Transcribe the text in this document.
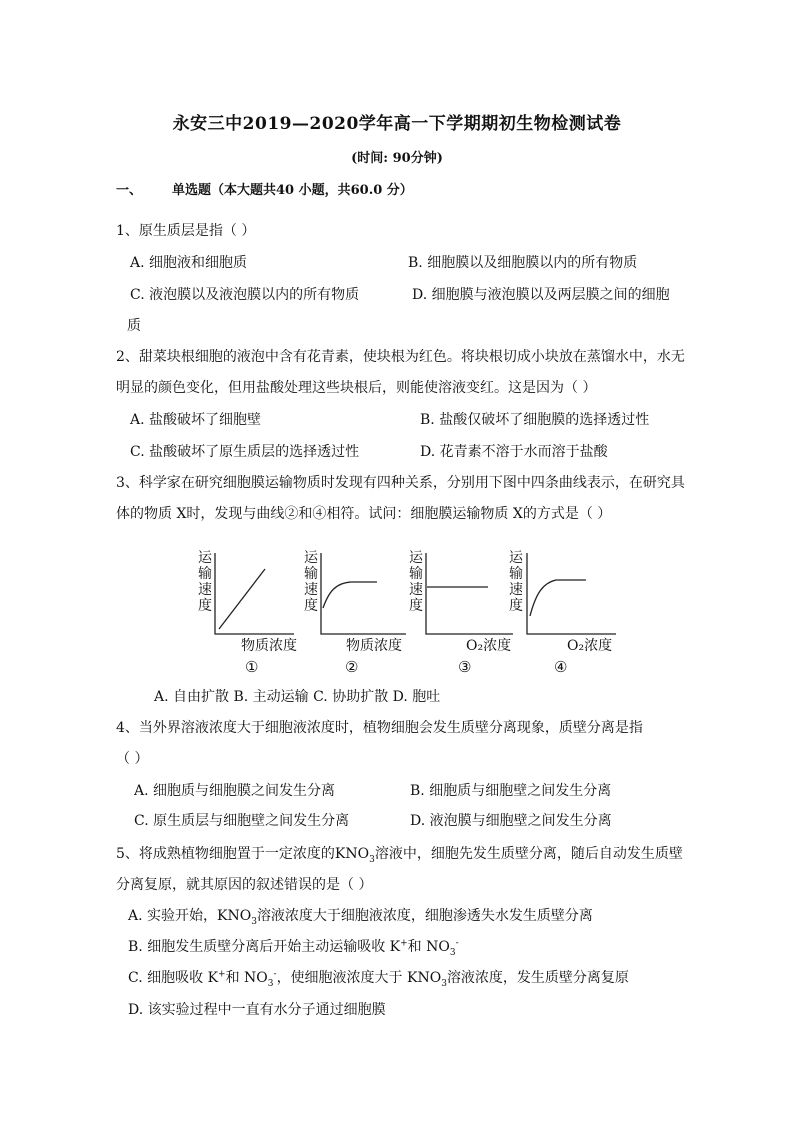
永安三中2019—2020学年高一下学期期初生物检测试卷
(时间: 90分钟)
一、 单选题（本大题共40 小题，共60.0 分）
1、原生质层是指（ ）
A. 细胞液和细胞质	B. 细胞膜以及细胞膜以内的所有物质
C. 液泡膜以及液泡膜以内的所有物质	D. 细胞膜与液泡膜以及两层膜之间的细胞
质
2、甜菜块根细胞的液泡中含有花青素，使块根为红色。将块根切成小块放在蒸馏水中，水无
明显的颜色变化，但用盐酸处理这些块根后，则能使溶液变红。这是因为（ ）
A. 盐酸破坏了细胞壁	B. 盐酸仅破坏了细胞膜的选择透过性
C. 盐酸破坏了原生质层的选择透过性	D. 花青素不溶于水而溶于盐酸
3、科学家在研究细胞膜运输物质时发现有四种关系，分别用下图中四条曲线表示，在研究具
体的物质 X时，发现与曲线②和④相符。试问：细胞膜运输物质 X的方式是（ ）
运
输
速
度
物质浓度
①
运
输
速
度
物质浓度
②
运
输
速
度
O₂浓度
③
运
输
速
度
O₂浓度
④
A. 自由扩散 B. 主动运输 C. 协助扩散 D. 胞吐
4、当外界溶液浓度大于细胞液浓度时，植物细胞会发生质壁分离现象，质壁分离是指
（ ）
A. 细胞质与细胞膜之间发生分离	B. 细胞质与细胞壁之间发生分离
C. 原生质层与细胞壁之间发生分离	D. 液泡膜与细胞壁之间发生分离
5、将成熟植物细胞置于一定浓度的$KNO_3$溶液中，细胞先发生质壁分离，随后自动发生质壁
分离复原，就其原因的叙述错误的是（ ）
A. 实验开始，$KNO_3$溶液浓度大于细胞液浓度，细胞渗透失水发生质壁分离
B. 细胞发生质壁分离后开始主动运输吸收 K+和 $NO_3^-$
C. 细胞吸收 K+和 $NO_3^-$，使细胞液浓度大于 $KNO_3$溶液浓度，发生质壁分离复原
D. 该实验过程中一直有水分子通过细胞膜
